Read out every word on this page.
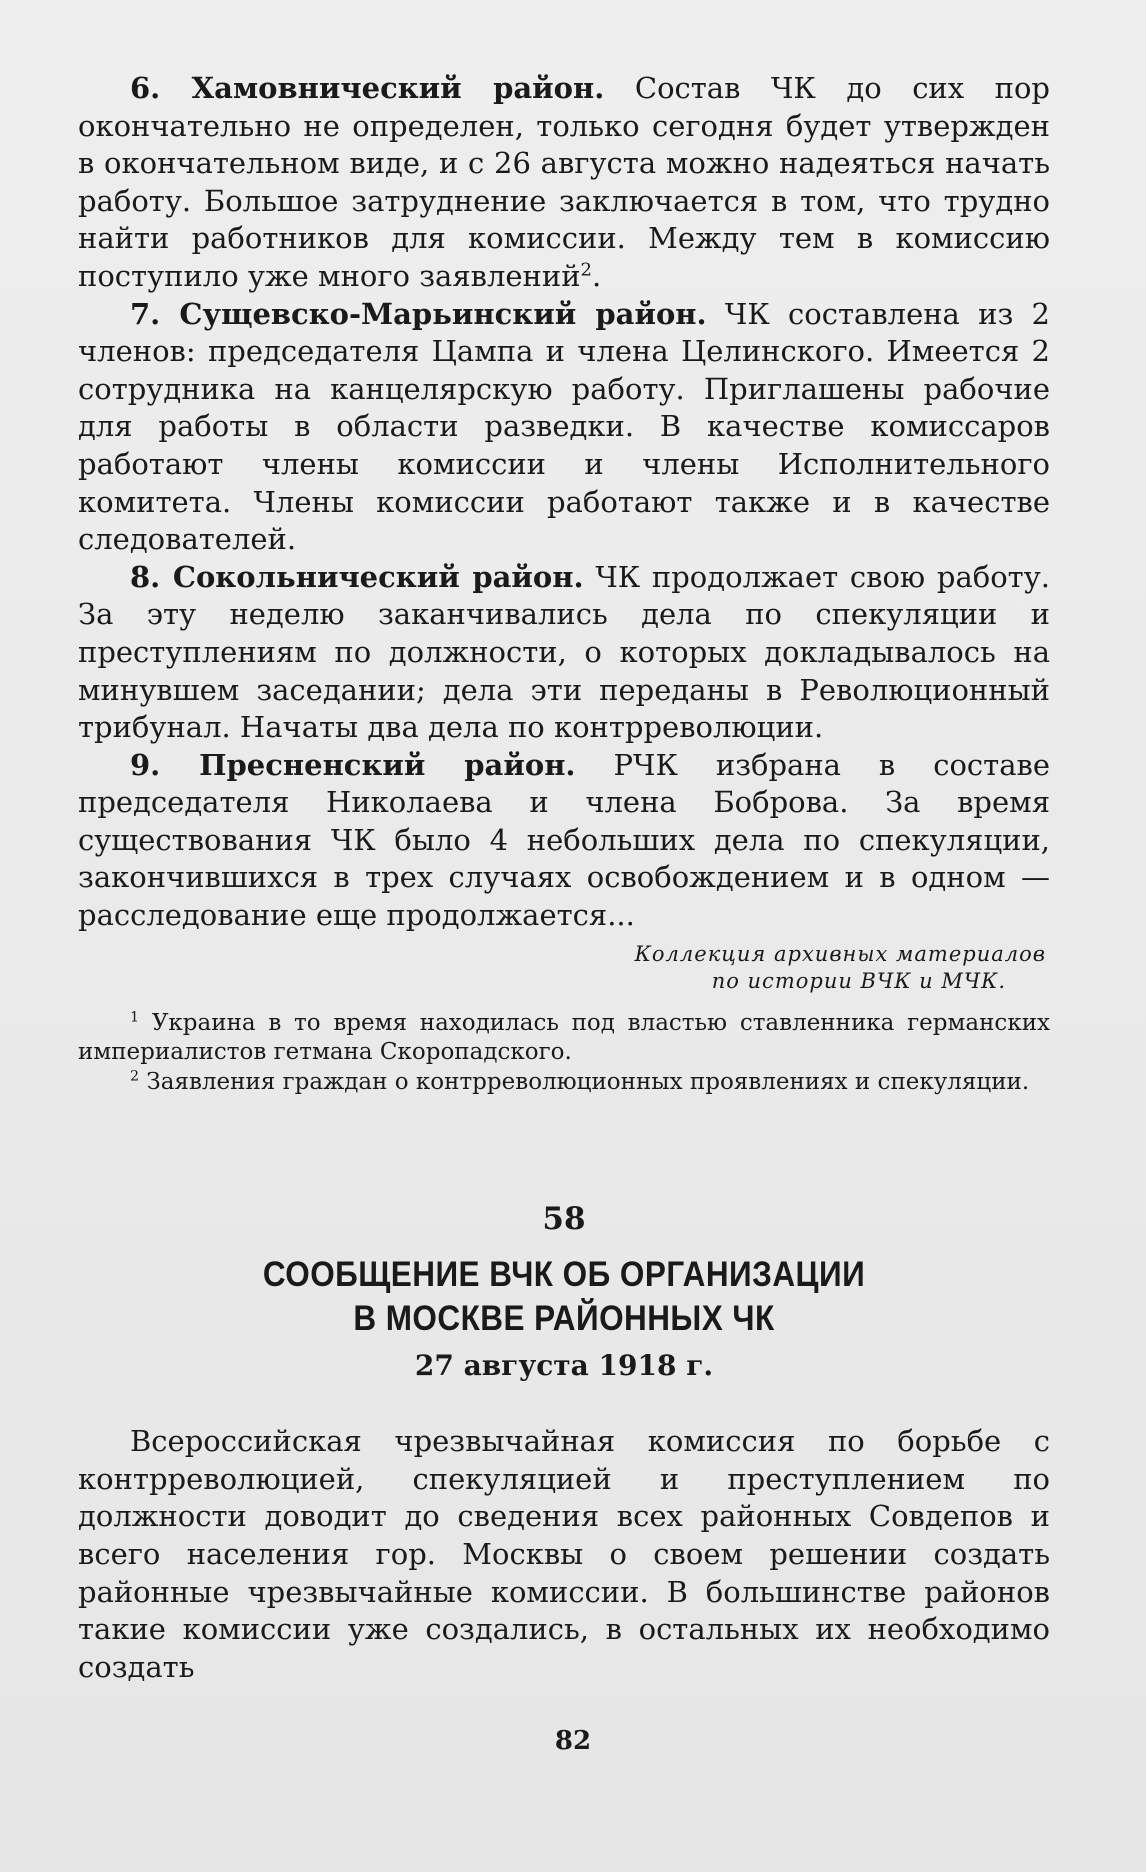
6. Хамовнический район. Состав ЧК до сих пор окончательно не определен, только сегодня будет утвержден в окончательном виде, и с 26 августа можно надеяться начать работу. Большое затруднение заключается в том, что трудно найти работников для комиссии. Между тем в комиссию поступило уже много заявлений$^2$.

7. Сущевско-Марьинский район. ЧК составлена из 2 членов: председателя Цампа и члена Целинского. Имеется 2 сотрудника на канцелярскую работу. Приглашены рабочие для работы в области разведки. В качестве комиссаров работают члены комиссии и члены Исполнительного комитета. Члены комиссии работают также и в качестве следователей.

8. Сокольнический район. ЧК продолжает свою работу. За эту неделю заканчивались дела по спекуляции и преступлениям по должности, о которых докладывалось на минувшем заседании; дела эти переданы в Революционный трибунал. Начаты два дела по контрреволюции.

9. Пресненский район. РЧК избрана в составе председателя Николаева и члена Боброва. За время существования ЧК было 4 небольших дела по спекуляции, закончившихся в трех случаях освобождением и в одном — расследование еще продолжается...

Коллекция архивных материалов
по истории ВЧК и МЧК.

$^1$ Украина в то время находилась под властью ставленника германских империалистов гетмана Скоропадского.

$^2$ Заявления граждан о контрреволюционных проявлениях и спекуляции.

58
СООБЩЕНИЕ ВЧК ОБ ОРГАНИЗАЦИИ
В МОСКВЕ РАЙОННЫХ ЧК
27 августа 1918 г.

Всероссийская чрезвычайная комиссия по борьбе с контрреволюцией, спекуляцией и преступлением по должности доводит до сведения всех районных Совдепов и всего населения гор. Москвы о своем решении создать районные чрезвычайные комиссии. В большинстве районов такие комиссии уже создались, в остальных их необходимо создать

82
